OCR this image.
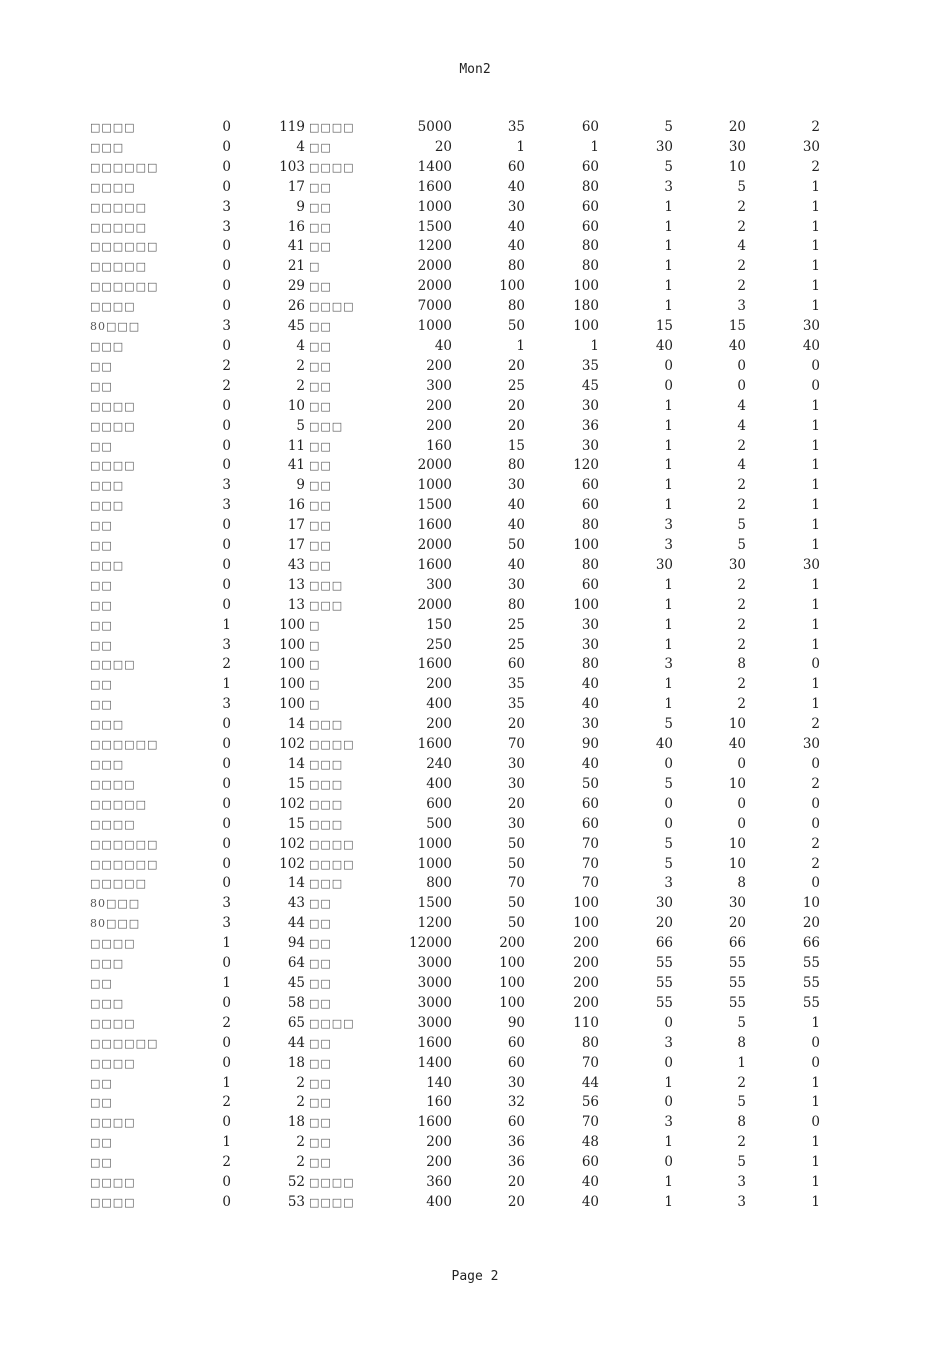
Mon2
□□□□	0	119 □□□□	5000	35	60	5	20	2
□□□	0	4 □□	20	1	1	30	30	30
□□□□□□	0	103 □□□□	1400	60	60	5	10	2
□□□□	0	17 □□	1600	40	80	3	5	1
□□□□□	3	9 □□	1000	30	60	1	2	1
□□□□□	3	16 □□	1500	40	60	1	2	1
□□□□□□	0	41 □□	1200	40	80	1	4	1
□□□□□	0	21 □	2000	80	80	1	2	1
□□□□□□	0	29 □□	2000	100	100	1	2	1
□□□□	0	26 □□□□	7000	80	180	1	3	1
80□□□	3	45 □□	1000	50	100	15	15	30
□□□	0	4 □□	40	1	1	40	40	40
□□	2	2 □□	200	20	35	0	0	0
□□	2	2 □□	300	25	45	0	0	0
□□□□	0	10 □□	200	20	30	1	4	1
□□□□	0	5 □□□	200	20	36	1	4	1
□□	0	11 □□	160	15	30	1	2	1
□□□□	0	41 □□	2000	80	120	1	4	1
□□□	3	9 □□	1000	30	60	1	2	1
□□□	3	16 □□	1500	40	60	1	2	1
□□	0	17 □□	1600	40	80	3	5	1
□□	0	17 □□	2000	50	100	3	5	1
□□□	0	43 □□	1600	40	80	30	30	30
□□	0	13 □□□	300	30	60	1	2	1
□□	0	13 □□□	2000	80	100	1	2	1
□□	1	100 □	150	25	30	1	2	1
□□	3	100 □	250	25	30	1	2	1
□□□□	2	100 □	1600	60	80	3	8	0
□□	1	100 □	200	35	40	1	2	1
□□	3	100 □	400	35	40	1	2	1
□□□	0	14 □□□	200	20	30	5	10	2
□□□□□□	0	102 □□□□	1600	70	90	40	40	30
□□□	0	14 □□□	240	30	40	0	0	0
□□□□	0	15 □□□	400	30	50	5	10	2
□□□□□	0	102 □□□	600	20	60	0	0	0
□□□□	0	15 □□□	500	30	60	0	0	0
□□□□□□	0	102 □□□□	1000	50	70	5	10	2
□□□□□□	0	102 □□□□	1000	50	70	5	10	2
□□□□□	0	14 □□□	800	70	70	3	8	0
80□□□	3	43 □□	1500	50	100	30	30	10
80□□□	3	44 □□	1200	50	100	20	20	20
□□□□	1	94 □□	12000	200	200	66	66	66
□□□	0	64 □□	3000	100	200	55	55	55
□□	1	45 □□	3000	100	200	55	55	55
□□□	0	58 □□	3000	100	200	55	55	55
□□□□	2	65 □□□□	3000	90	110	0	5	1
□□□□□□	0	44 □□	1600	60	80	3	8	0
□□□□	0	18 □□	1400	60	70	0	1	0
□□	1	2 □□	140	30	44	1	2	1
□□	2	2 □□	160	32	56	0	5	1
□□□□	0	18 □□	1600	60	70	3	8	0
□□	1	2 □□	200	36	48	1	2	1
□□	2	2 □□	200	36	60	0	5	1
□□□□	0	52 □□□□	360	20	40	1	3	1
□□□□	0	53 □□□□	400	20	40	1	3	1
Page 2
